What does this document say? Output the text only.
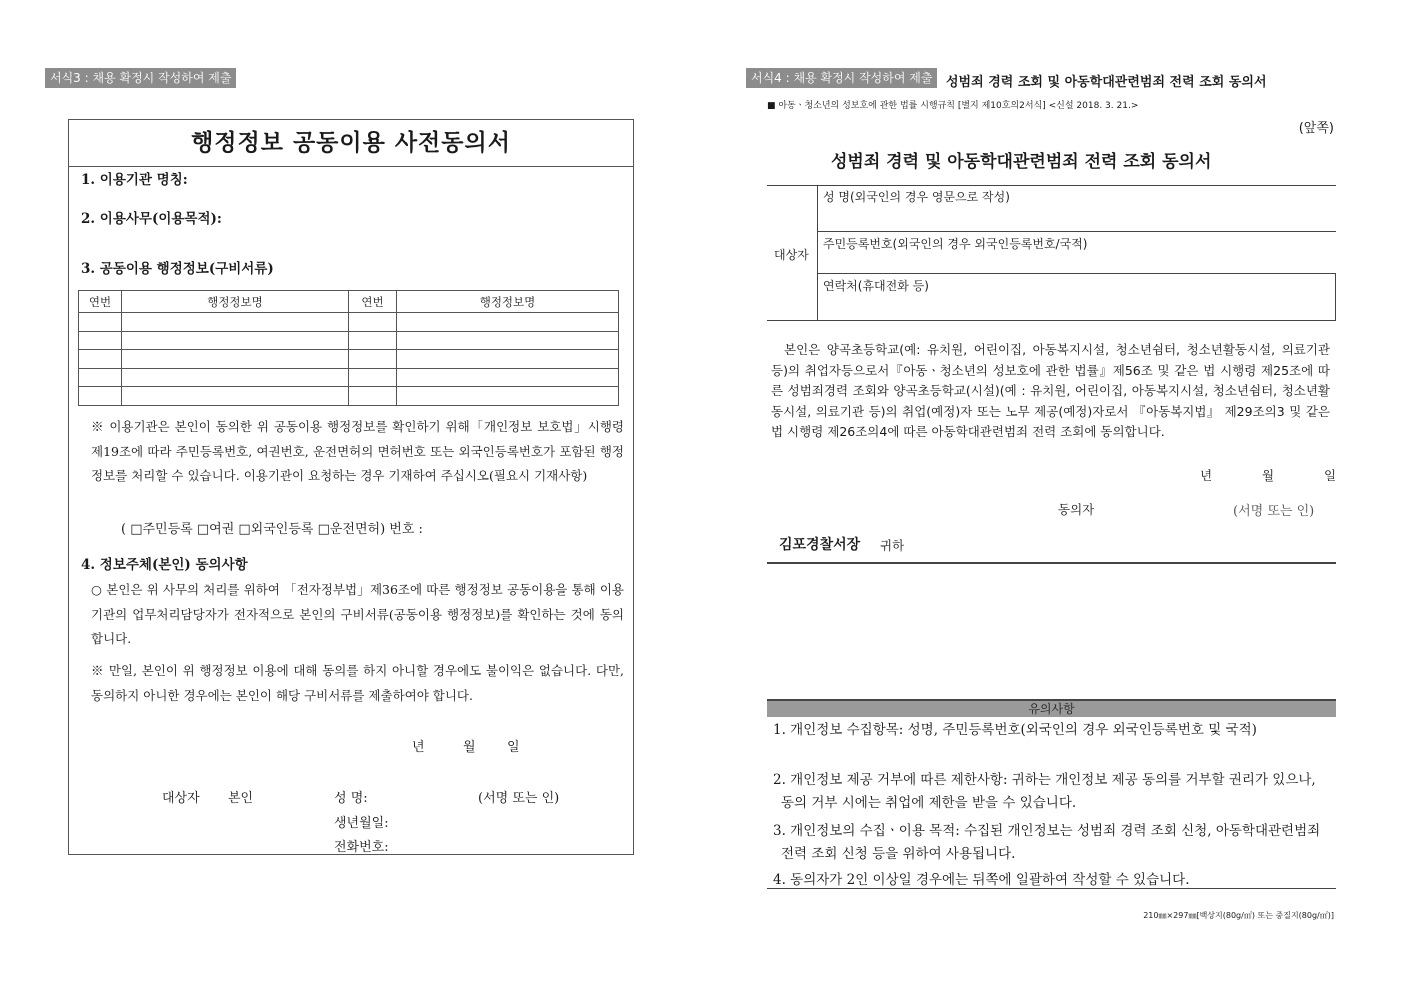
서식3 : 채용 확정시 작성하여 제출
행정정보 공동이용 사전동의서
1. 이용기관 명칭:
2. 이용사무(이용목적):
3. 공동이용 행정정보(구비서류)
연번	행정정보명	연번	행정정보명

※ 이용기관은 본인이 동의한 위 공동이용 행정정보를 확인하기 위해「개인정보 보호법」시행령 제19조에 따라 주민등록번호, 여권번호, 운전면허의 면허번호 또는 외국인등록번호가 포함된 행정정보를 처리할 수 있습니다. 이용기관이 요청하는 경우 기재하여 주십시오(필요시 기재사항)
( □주민등록 □여권 □외국인등록 □운전면허) 번호 :
4. 정보주체(본인) 동의사항
○ 본인은 위 사무의 처리를 위하여 「전자정부법」제36조에 따른 행정정보 공동이용을 통해 이용기관의 업무처리담당자가 전자적으로 본인의 구비서류(공동이용 행정정보)를 확인하는 것에 동의합니다.
※ 만일, 본인이 위 행정정보 이용에 대해 동의를 하지 아니할 경우에도 불이익은 없습니다. 다만, 동의하지 아니한 경우에는 본인이 해당 구비서류를 제출하여야 합니다.
년	월 일
대상자 본인	성 명:	(서명 또는 인)
생년월일:
전화번호:
서식4 : 채용 확정시 작성하여 제출	성범죄 경력 조회 및 아동학대관련범죄 전력 조회 동의서
■ 아동ㆍ청소년의 성보호에 관한 법률 시행규칙 [별지 제10호의2서식] <신설 2018. 3. 21.>
(앞쪽)
성범죄 경력 및 아동학대관련범죄 전력 조회 동의서
대상자
성 명(외국인의 경우 영문으로 작성)
주민등록번호(외국인의 경우 외국인등록번호/국적)
연락처(휴대전화 등)
본인은 양곡초등학교(예: 유치원, 어린이집, 아동복지시설, 청소년쉼터, 청소년활동시설, 의료기관 등)의 취업자등으로서『아동ㆍ청소년의 성보호에 관한 법률』제56조 및 같은 법 시행령 제25조에 따른 성범죄경력 조회와 양곡초등학교(시설)(예 : 유치원, 어린이집, 아동복지시설, 청소년쉼터, 청소년활동시설, 의료기관 등)의 취업(예정)자 또는 노무 제공(예정)자로서 『아동복지법』 제29조의3 및 같은 법 시행령 제26조의4에 따른 아동학대관련범죄 전력 조회에 동의합니다.
년	월	일
동의자	(서명 또는 인)
김포경찰서장 귀하
유의사항
1. 개인정보 수집항목: 성명, 주민등록번호(외국인의 경우 외국인등록번호 및 국적)
2. 개인정보 제공 거부에 따른 제한사항: 귀하는 개인정보 제공 동의를 거부할 권리가 있으나, 동의 거부 시에는 취업에 제한을 받을 수 있습니다.
3. 개인정보의 수집ㆍ이용 목적: 수집된 개인정보는 성범죄 경력 조회 신청, 아동학대관련범죄 전력 조회 신청 등을 위하여 사용됩니다.
4. 동의자가 2인 이상일 경우에는 뒤쪽에 일괄하여 작성할 수 있습니다.
210㎜×297㎜[백상지(80g/㎡) 또는 중질지(80g/㎡)]
